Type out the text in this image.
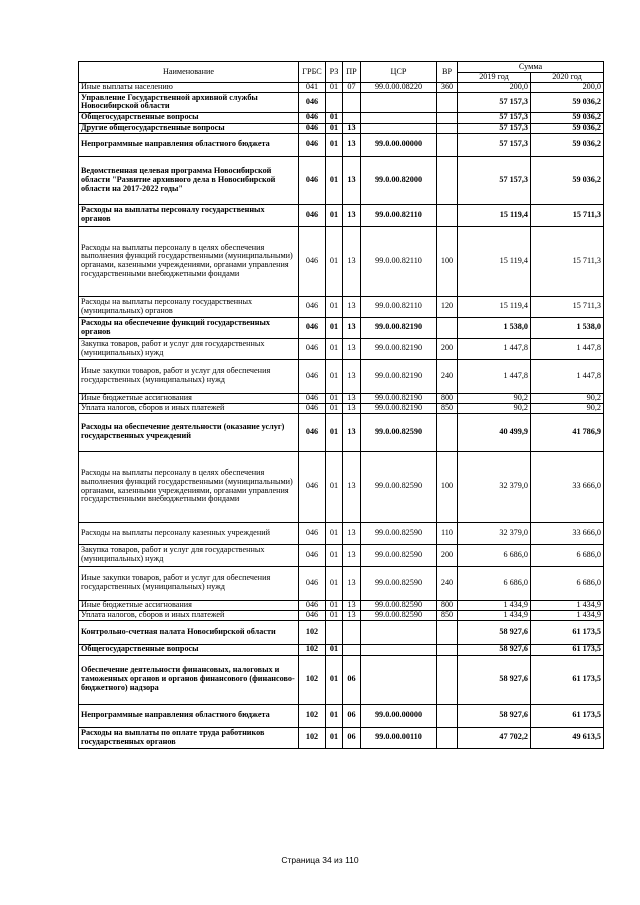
Наименование	ГРБС	РЗ	ПР	ЦСР	ВР	Сумма	
						2019 год	2020 год
Иные выплаты населению	041	01	07	99.0.00.08220	360	200,0	200,0
Управление Государственной архивной службы Новосибирской области	046					57 157,3	59 036,2
Общегосударственные вопросы	046	01				57 157,3	59 036,2
Другие общегосударственные вопросы	046	01	13			57 157,3	59 036,2
Непрограммные направления областного бюджета	046	01	13	99.0.00.00000		57 157,3	59 036,2
Ведомственная целевая программа Новосибирской области "Развитие архивного дела в Новосибирской области на 2017-2022 годы"	046	01	13	99.0.00.82000		57 157,3	59 036,2
Расходы на выплаты персоналу государственных органов	046	01	13	99.0.00.82110		15 119,4	15 711,3
Расходы на выплаты персоналу в целях обеспечения выполнения функций государственными (муниципальными) органами, казенными учреждениями, органами управления государственными внебюджетными фондами	046	01	13	99.0.00.82110	100	15 119,4	15 711,3
Расходы на выплаты персоналу государственных (муниципальных) органов	046	01	13	99.0.00.82110	120	15 119,4	15 711,3
Расходы на обеспечение функций государственных органов	046	01	13	99.0.00.82190		1 538,0	1 538,0
Закупка товаров, работ и услуг для государственных (муниципальных) нужд	046	01	13	99.0.00.82190	200	1 447,8	1 447,8
Иные закупки товаров, работ и услуг для обеспечения государственных (муниципальных) нужд	046	01	13	99.0.00.82190	240	1 447,8	1 447,8
Иные бюджетные ассигнования	046	01	13	99.0.00.82190	800	90,2	90,2
Уплата налогов, сборов и иных платежей	046	01	13	99.0.00.82190	850	90,2	90,2
Расходы на обеспечение деятельности (оказание услуг) государственных учреждений	046	01	13	99.0.00.82590		40 499,9	41 786,9
Расходы на выплаты персоналу в целях обеспечения выполнения функций государственными (муниципальными) органами, казенными учреждениями, органами управления государственными внебюджетными фондами	046	01	13	99.0.00.82590	100	32 379,0	33 666,0
Расходы на выплаты персоналу казенных учреждений	046	01	13	99.0.00.82590	110	32 379,0	33 666,0
Закупка товаров, работ и услуг для государственных (муниципальных) нужд	046	01	13	99.0.00.82590	200	6 686,0	6 686,0
Иные закупки товаров, работ и услуг для обеспечения государственных (муниципальных) нужд	046	01	13	99.0.00.82590	240	6 686,0	6 686,0
Иные бюджетные ассигнования	046	01	13	99.0.00.82590	800	1 434,9	1 434,9
Уплата налогов, сборов и иных платежей	046	01	13	99.0.00.82590	850	1 434,9	1 434,9
Контрольно-счетная палата Новосибирской области	102					58 927,6	61 173,5
Общегосударственные вопросы	102	01				58 927,6	61 173,5
Обеспечение деятельности финансовых, налоговых и таможенных органов и органов финансового (финансово-бюджетного) надзора	102	01	06			58 927,6	61 173,5
Непрограммные направления областного бюджета	102	01	06	99.0.00.00000		58 927,6	61 173,5
Расходы на выплаты по оплате труда работников государственных органов	102	01	06	99.0.00.00110		47 702,2	49 613,5
Страница 34 из 110
